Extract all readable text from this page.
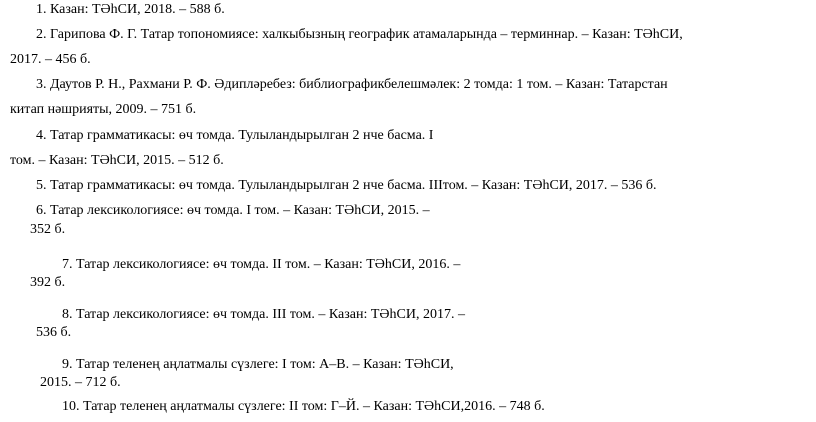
1. Казан: ТӘһСИ, 2018. – 588 б.
2. Гарипова Ф. Г. Татар топономиясе: халкыбызның географик атамаларында – терминнар. – Казан: ТӘһСИ,
2017. – 456 б.
3. Даутов Р. Н., Рахмани Р. Ф. Әдипләребез: библиографикбелешмәлек: 2 томда: 1 том. – Казан: Татарстан
китап нәшрияты, 2009. – 751 б.
4. Татар грамматикасы: өч томда. Тулыландырылган 2 нче басма. I
том. – Казан: ТӘһСИ, 2015. – 512 б.
5. Татар грамматикасы: өч томда. Тулыландырылган 2 нче басма. IIIтом. – Казан: ТӘһСИ, 2017. – 536 б.
6. Татар лексикологиясе: өч томда. I том. – Казан: ТӘһСИ, 2015. –
352 б.
7. Татар лексикологиясе: өч томда. II том. – Казан: ТӘһСИ, 2016. –
392 б.
8. Татар лексикологиясе: өч томда. III том. – Казан: ТӘһСИ, 2017. –
536 б.
9. Татар теленең аңлатмалы сүзлеге: I том: А–В. – Казан: ТӘһСИ,
2015. – 712 б.
10. Татар теленең аңлатмалы сүзлеге: II том: Г–Й. – Казан: ТӘһСИ,2016. – 748 б.
